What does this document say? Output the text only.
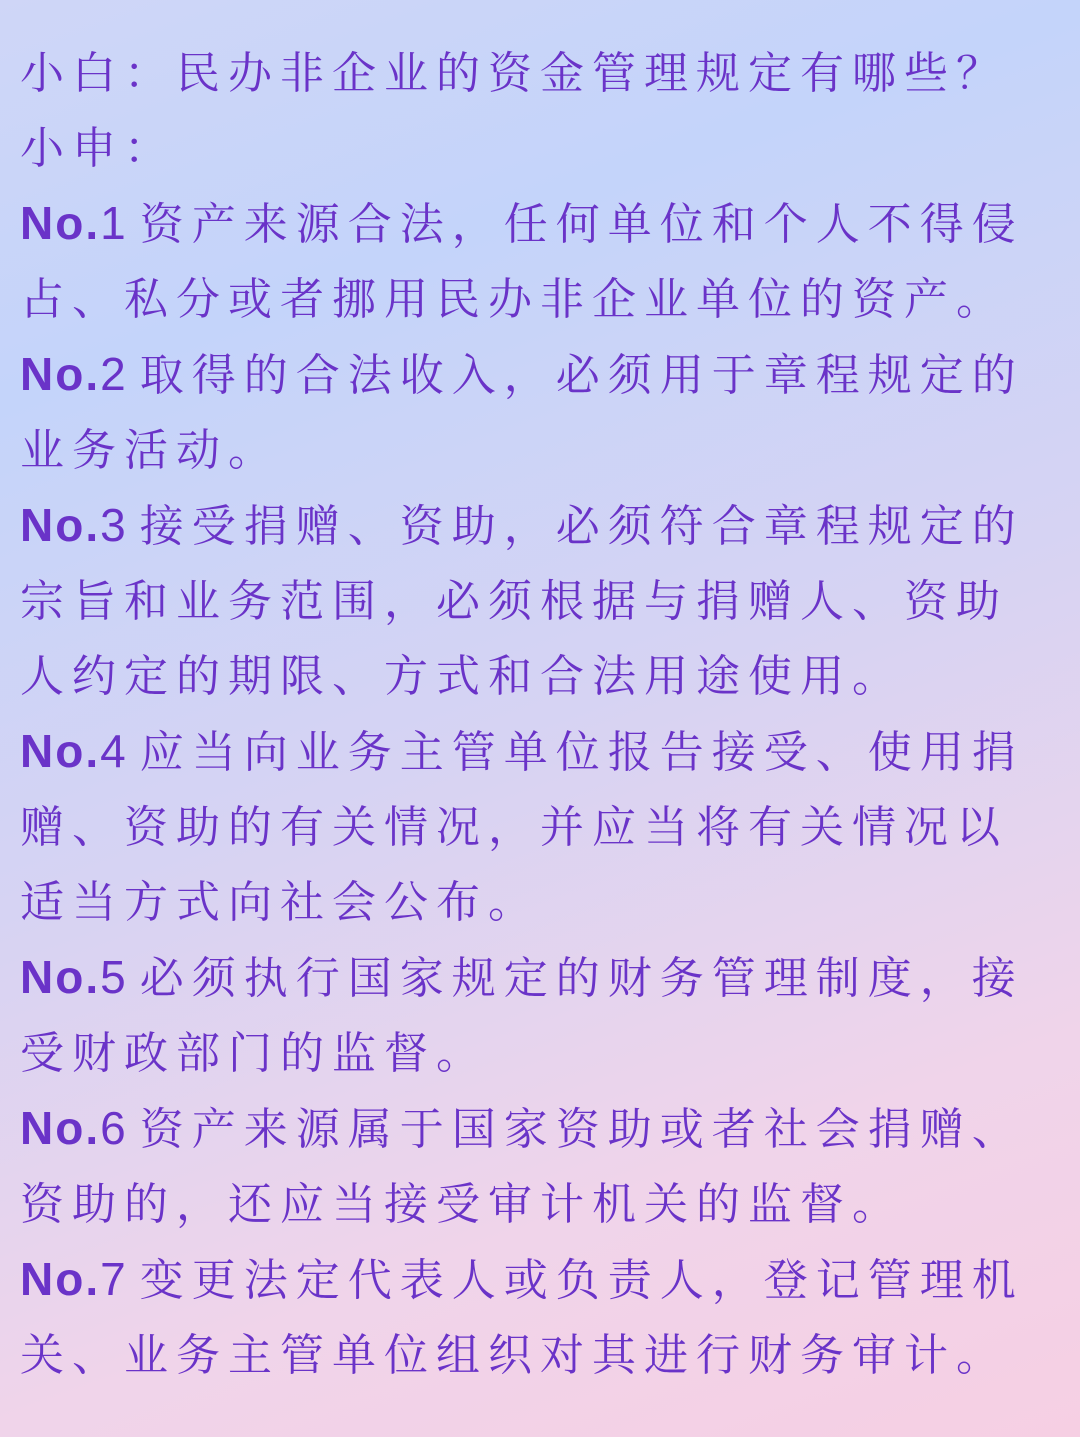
小白：民办非企业的资金管理规定有哪些？

小申：

No.1 资产来源合法，任何单位和个人不得侵

占、私分或者挪用民办非企业单位的资产。

No.2 取得的合法收入，必须用于章程规定的

业务活动。

No.3 接受捐赠、资助，必须符合章程规定的

宗旨和业务范围，必须根据与捐赠人、资助

人约定的期限、方式和合法用途使用。

No.4 应当向业务主管单位报告接受、使用捐

赠、资助的有关情况，并应当将有关情况以

适当方式向社会公布。

No.5 必须执行国家规定的财务管理制度，接

受财政部门的监督。

No.6 资产来源属于国家资助或者社会捐赠、

资助的，还应当接受审计机关的监督。

No.7 变更法定代表人或负责人，登记管理机

关、业务主管单位组织对其进行财务审计。
